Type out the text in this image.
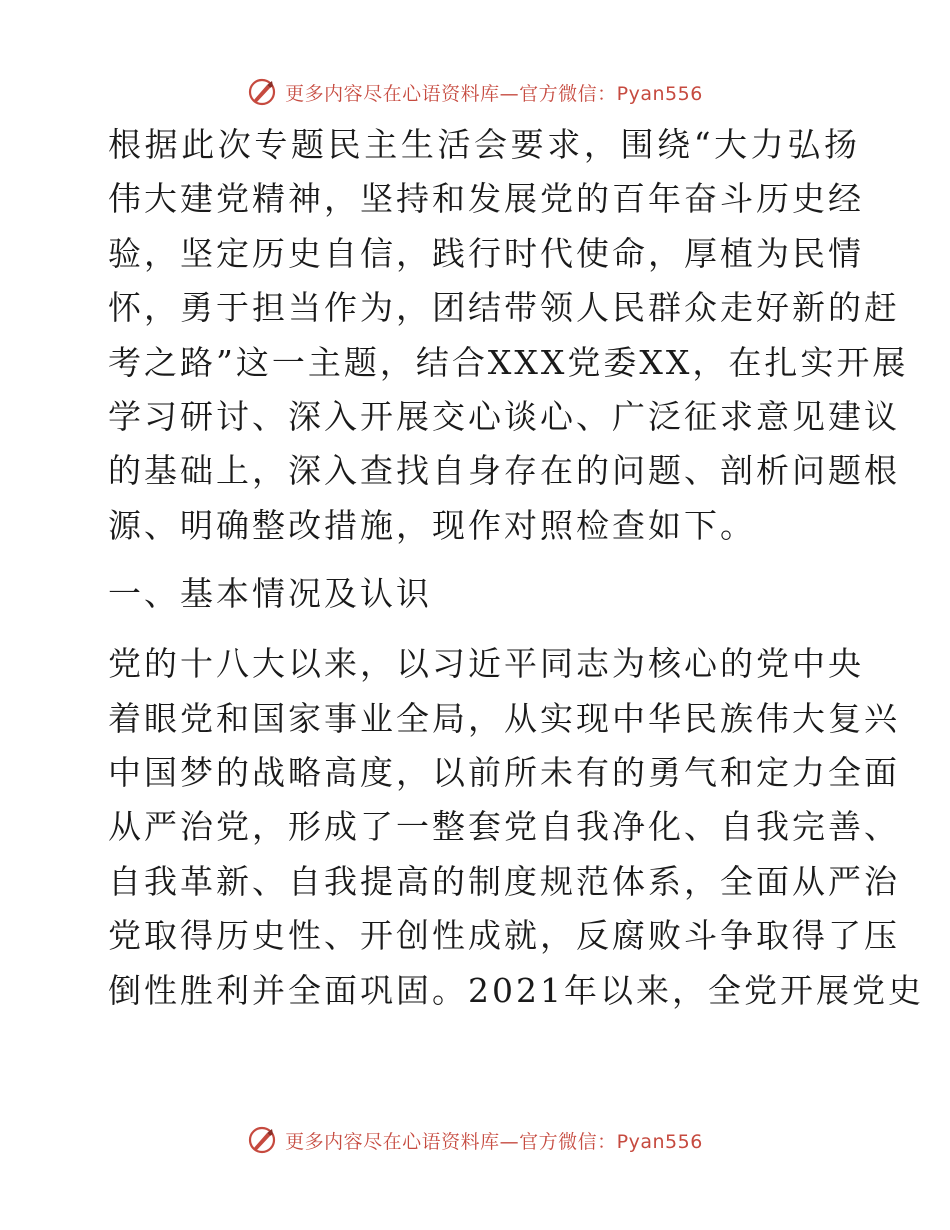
更多内容尽在心语资料库—官方微信：Pyan556

根据此次专题民主生活会要求，围绕“大力弘扬
伟大建党精神，坚持和发展党的百年奋斗历史经
验，坚定历史自信，践行时代使命，厚植为民情
怀，勇于担当作为，团结带领人民群众走好新的赶
考之路”这一主题，结合XXX党委XX，在扎实开展
学习研讨、深入开展交心谈心、广泛征求意见建议
的基础上，深入查找自身存在的问题、剖析问题根
源、明确整改措施，现作对照检查如下。

一、基本情况及认识

党的十八大以来，以习近平同志为核心的党中央
着眼党和国家事业全局，从实现中华民族伟大复兴
中国梦的战略高度，以前所未有的勇气和定力全面
从严治党，形成了一整套党自我净化、自我完善、
自我革新、自我提高的制度规范体系，全面从严治
党取得历史性、开创性成就，反腐败斗争取得了压
倒性胜利并全面巩固。2021年以来，全党开展党史

更多内容尽在心语资料库—官方微信：Pyan556
